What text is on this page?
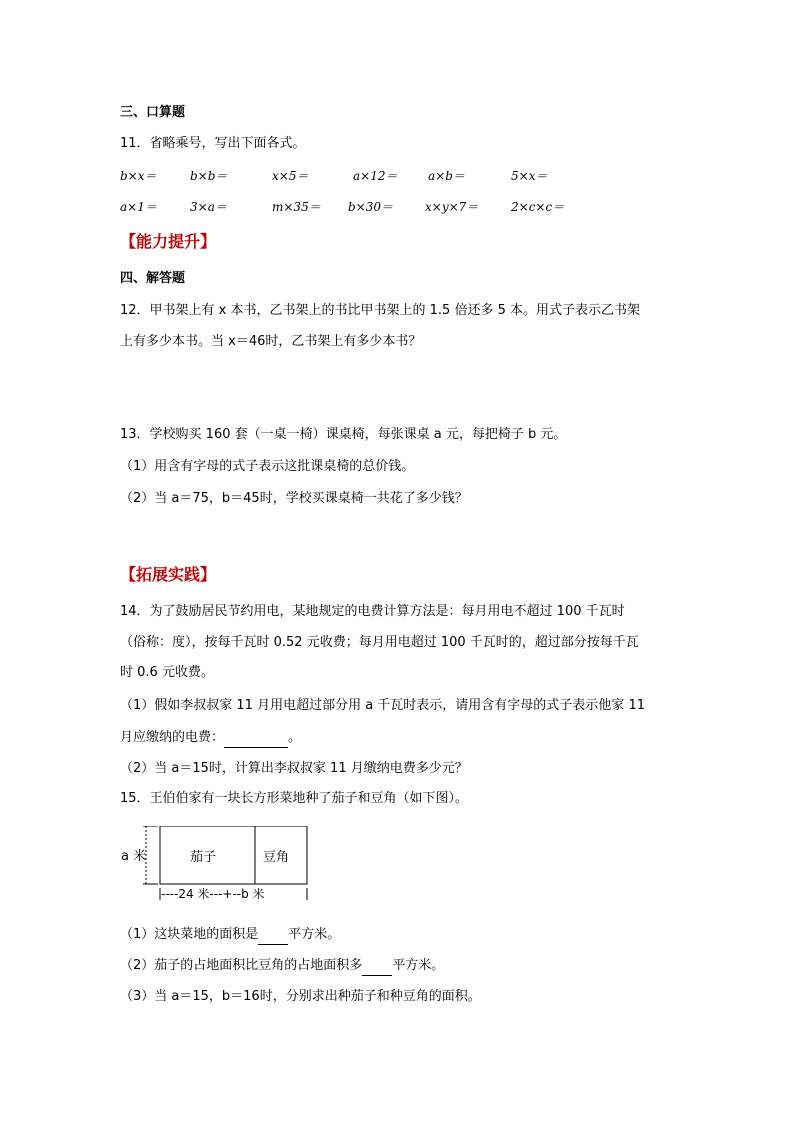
三、口算题
11．省略乘号，写出下面各式。
b×x＝	b×b＝	x×5＝	a×12＝	a×b＝	5×x＝
a×1＝	3×a＝	m×35＝ b×30＝	x×y×7＝	2×c×c＝
【能力提升】
四、解答题
12．甲书架上有 x 本书，乙书架上的书比甲书架上的 1.5 倍还多 5 本。用式子表示乙书架
上有多少本书。当 x＝46时，乙书架上有多少本书？
13．学校购买 160 套（一桌一椅）课桌椅，每张课桌 a 元，每把椅子 b 元。
（1）用含有字母的式子表示这批课桌椅的总价钱。
（2）当 a＝75，b＝45时，学校买课桌椅一共花了多少钱？
【拓展实践】
14．为了鼓励居民节约用电，某地规定的电费计算方法是：每月用电不超过 100 千瓦时
（俗称：度），按每千瓦时 0.52 元收费；每月用电超过 100 千瓦时的，超过部分按每千瓦
时 0.6 元收费。
（1）假如李叔叔家 11 月用电超过部分用 a 千瓦时表示，请用含有字母的式子表示他家 11
月应缴纳的电费：	。
（2）当 a＝15时，计算出李叔叔家 11 月缴纳电费多少元？
15．王伯伯家有一块长方形菜地种了茄子和豆角（如下图）。
a 米	茄子	豆角
----24 米---+--b 米
（1）这块菜地的面积是 平方米。
（2）茄子的占地面积比豆角的占地面积多 平方米。
（3）当 a＝15，b＝16时，分别求出种茄子和种豆角的面积。
